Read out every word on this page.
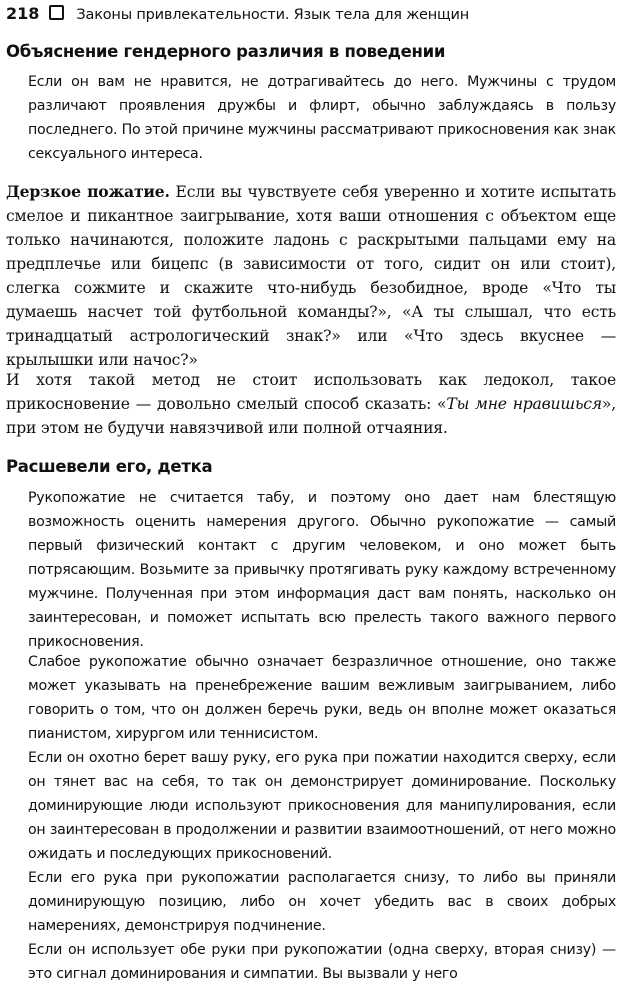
218	Законы привлекательности. Язык тела для женщин
Объяснение гендерного различия в поведении
Если он вам не нравится, не дотрагивайтесь до него. Мужчины с трудом различают проявления дружбы и флирт, обычно заблуждаясь в пользу последнего. По этой причине мужчины рассматривают прикосновения как знак сексуального интереса.
Дерзкое пожатие. Если вы чувствуете себя уверенно и хотите испытать смелое и пикантное заигрывание, хотя ваши отношения с объектом еще только начинаются, положите ладонь с раскрытыми пальцами ему на предплечье или бицепс (в зависимости от того, сидит он или стоит), слегка сожмите и скажите что-нибудь безобидное, вроде «Что ты думаешь насчет той футбольной команды?», «А ты слышал, что есть тринадцатый астрологический знак?» или «Что здесь вкуснее — крылышки или начос?»
И хотя такой метод не стоит использовать как ледокол, такое прикосновение — довольно смелый способ сказать: «Ты мне нравишься», при этом не будучи навязчивой или полной отчаяния.
Расшевели его, детка
Рукопожатие не считается табу, и поэтому оно дает нам блестящую возможность оценить намерения другого. Обычно рукопожатие — самый первый физический контакт с другим человеком, и оно может быть потрясающим. Возьмите за привычку протягивать руку каждому встреченному мужчине. Полученная при этом информация даст вам понять, насколько он заинтересован, и поможет испытать всю прелесть такого важного первого прикосновения.
Слабое рукопожатие обычно означает безразличное отношение, оно также может указывать на пренебрежение вашим вежливым заигрыванием, либо говорить о том, что он должен беречь руки, ведь он вполне может оказаться пианистом, хирургом или теннисистом.
Если он охотно берет вашу руку, его рука при пожатии находится сверху, если он тянет вас на себя, то так он демонстрирует доминирование. Поскольку доминирующие люди используют прикосновения для манипулирования, если он заинтересован в продолжении и развитии взаимоотношений, от него можно ожидать и последующих прикосновений.
Если его рука при рукопожатии располагается снизу, то либо вы приняли доминирующую позицию, либо он хочет убедить вас в своих добрых намерениях, демонстрируя подчинение.
Если он использует обе руки при рукопожатии (одна сверху, вторая снизу) — это сигнал доминирования и симпатии. Вы вызвали у него
